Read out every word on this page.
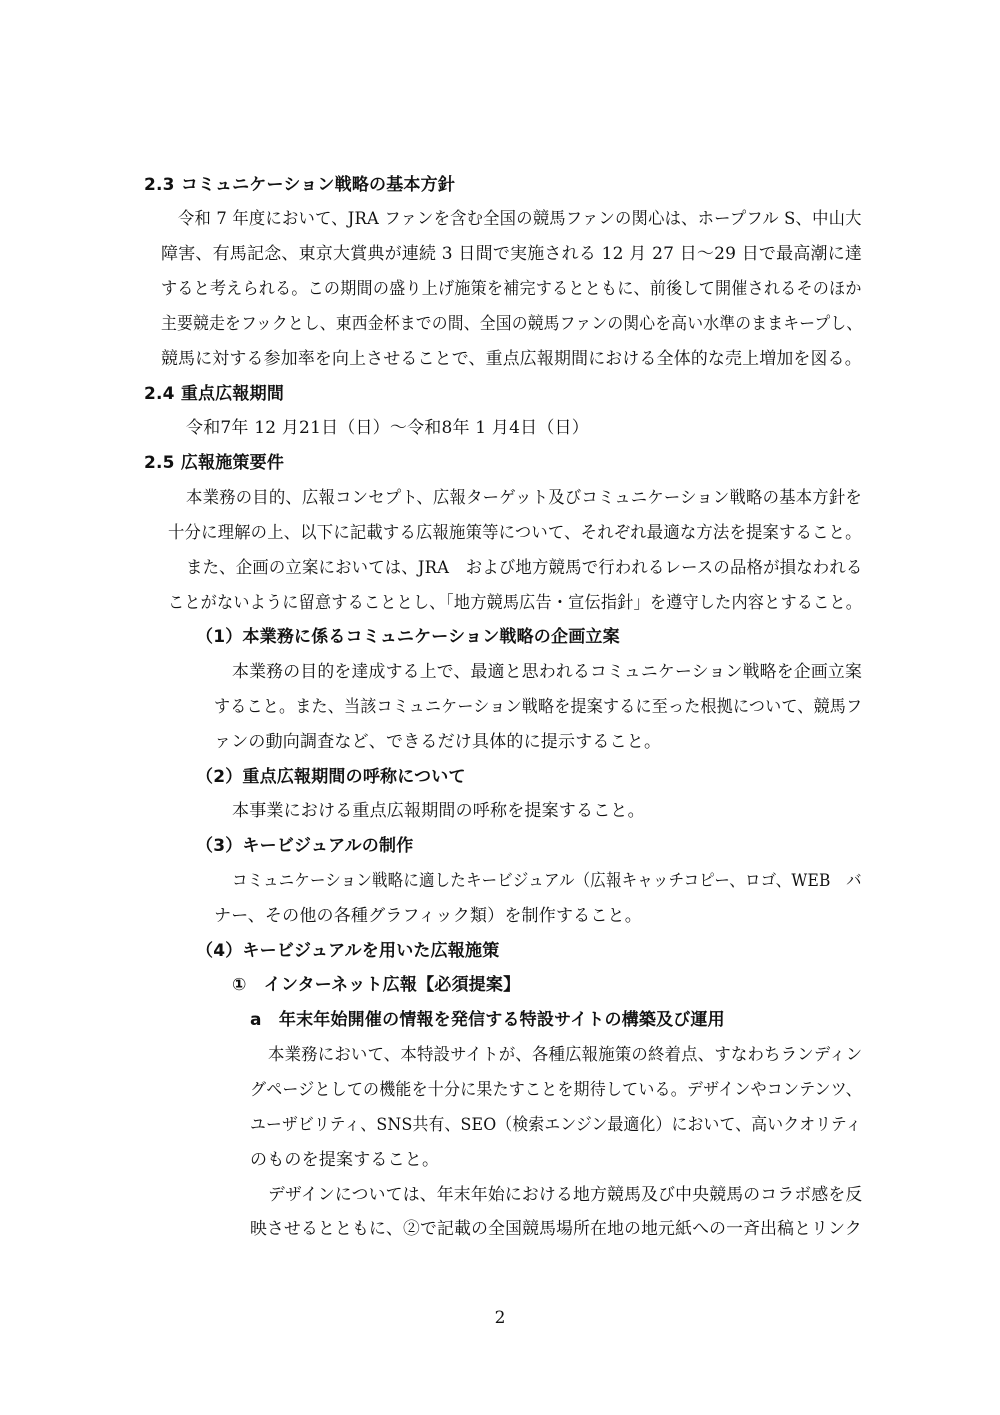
2.3 コミュニケーション戦略の基本方針
令和 7 年度において、JRA ファンを含む全国の競馬ファンの関心は、ホープフル S、中山大
障害、有馬記念、東京大賞典が連続 3 日間で実施される 12 月 27 日～29 日で最高潮に達
すると考えられる。この期間の盛り上げ施策を補完するとともに、前後して開催されるそのほか
主要競走をフックとし、東西金杯までの間、全国の競馬ファンの関心を高い水準のままキープし、
競馬に対する参加率を向上させることで、重点広報期間における全体的な売上増加を図る。
2.4 重点広報期間
令和7年 12 月21日（日）～令和8年 1 月4日（日）
2.5 広報施策要件
本業務の目的、広報コンセプト、広報ターゲット及びコミュニケーション戦略の基本方針を
十分に理解の上、以下に記載する広報施策等について、それぞれ最適な方法を提案すること。
また、企画の立案においては、JRA　および地方競馬で行われるレースの品格が損なわれる
ことがないように留意することとし、「地方競馬広告・宣伝指針」を遵守した内容とすること。
（1）本業務に係るコミュニケーション戦略の企画立案
本業務の目的を達成する上で、最適と思われるコミュニケーション戦略を企画立案
すること。また、当該コミュニケーション戦略を提案するに至った根拠について、競馬フ
ァンの動向調査など、できるだけ具体的に提示すること。
（2）重点広報期間の呼称について
本事業における重点広報期間の呼称を提案すること。
（3）キービジュアルの制作
コミュニケーション戦略に適したキービジュアル（広報キャッチコピー、ロゴ、WEB　バ
ナー、その他の各種グラフィック類）を制作すること。
（4）キービジュアルを用いた広報施策
①　インターネット広報【必須提案】
a　年末年始開催の情報を発信する特設サイトの構築及び運用
本業務において、本特設サイトが、各種広報施策の終着点、すなわちランディン
グページとしての機能を十分に果たすことを期待している。デザインやコンテンツ、
ユーザビリティ、SNS共有、SEO（検索エンジン最適化）において、高いクオリティ
のものを提案すること。
デザインについては、年末年始における地方競馬及び中央競馬のコラボ感を反
映させるとともに、②で記載の全国競馬場所在地の地元紙への一斉出稿とリンク
2
